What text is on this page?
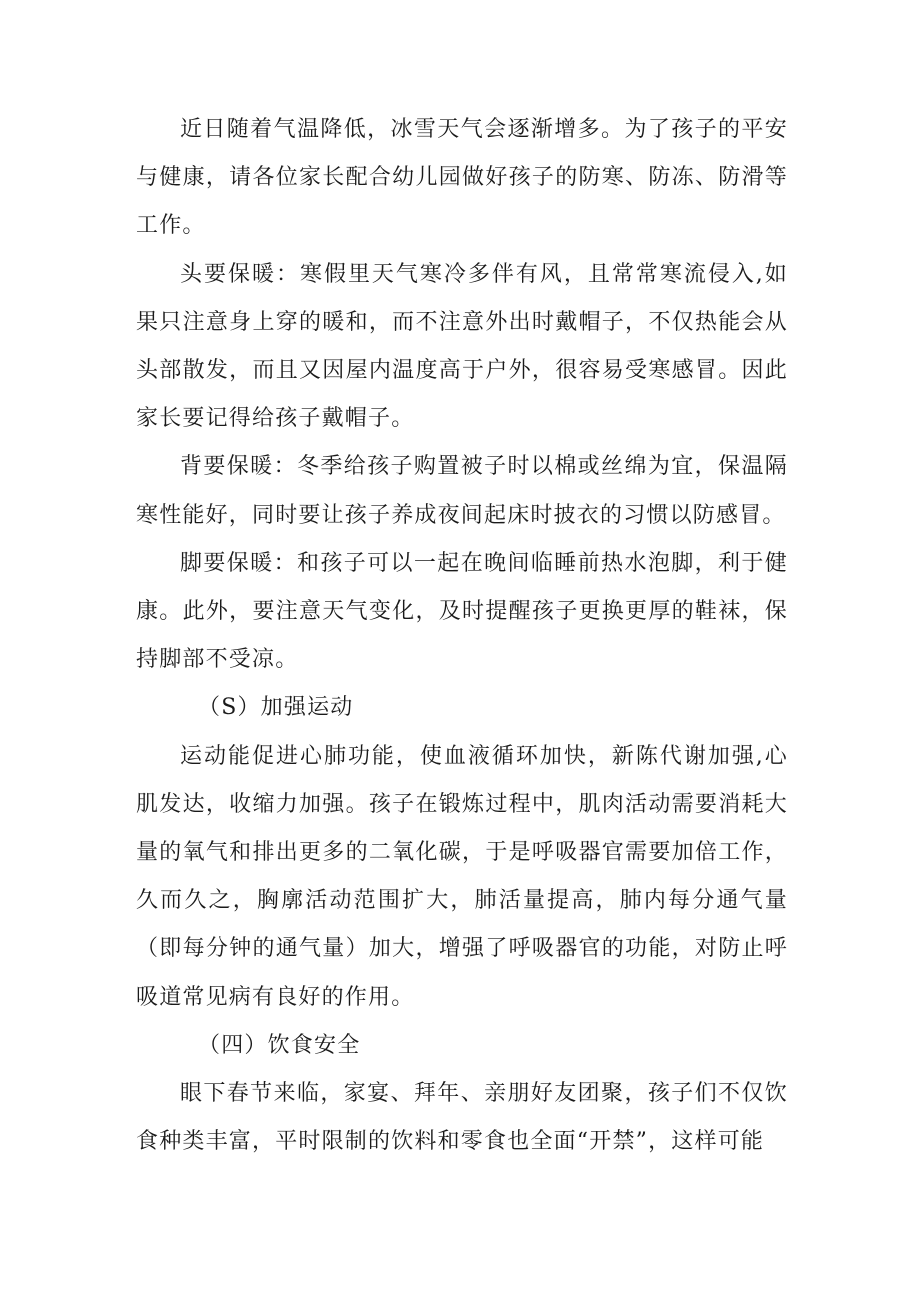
近日随着气温降低，冰雪天气会逐渐增多。为了孩子的平安与健康，请各位家长配合幼儿园做好孩子的防寒、防冻、防滑等工作。

头要保暖：寒假里天气寒冷多伴有风，且常常寒流侵入,如果只注意身上穿的暖和，而不注意外出时戴帽子，不仅热能会从头部散发，而且又因屋内温度高于户外，很容易受寒感冒。因此家长要记得给孩子戴帽子。

背要保暖：冬季给孩子购置被子时以棉或丝绵为宜，保温隔寒性能好，同时要让孩子养成夜间起床时披衣的习惯以防感冒。

脚要保暖：和孩子可以一起在晚间临睡前热水泡脚，利于健康。此外，要注意天气变化，及时提醒孩子更换更厚的鞋袜，保持脚部不受凉。

（S）加强运动

运动能促进心肺功能，使血液循环加快，新陈代谢加强,心肌发达，收缩力加强。孩子在锻炼过程中，肌肉活动需要消耗大量的氧气和排出更多的二氧化碳，于是呼吸器官需要加倍工作，久而久之，胸廓活动范围扩大，肺活量提高，肺内每分通气量（即每分钟的通气量）加大，增强了呼吸器官的功能，对防止呼吸道常见病有良好的作用。

（四）饮食安全

眼下春节来临，家宴、拜年、亲朋好友团聚，孩子们不仅饮食种类丰富，平时限制的饮料和零食也全面“开禁”，这样可能
